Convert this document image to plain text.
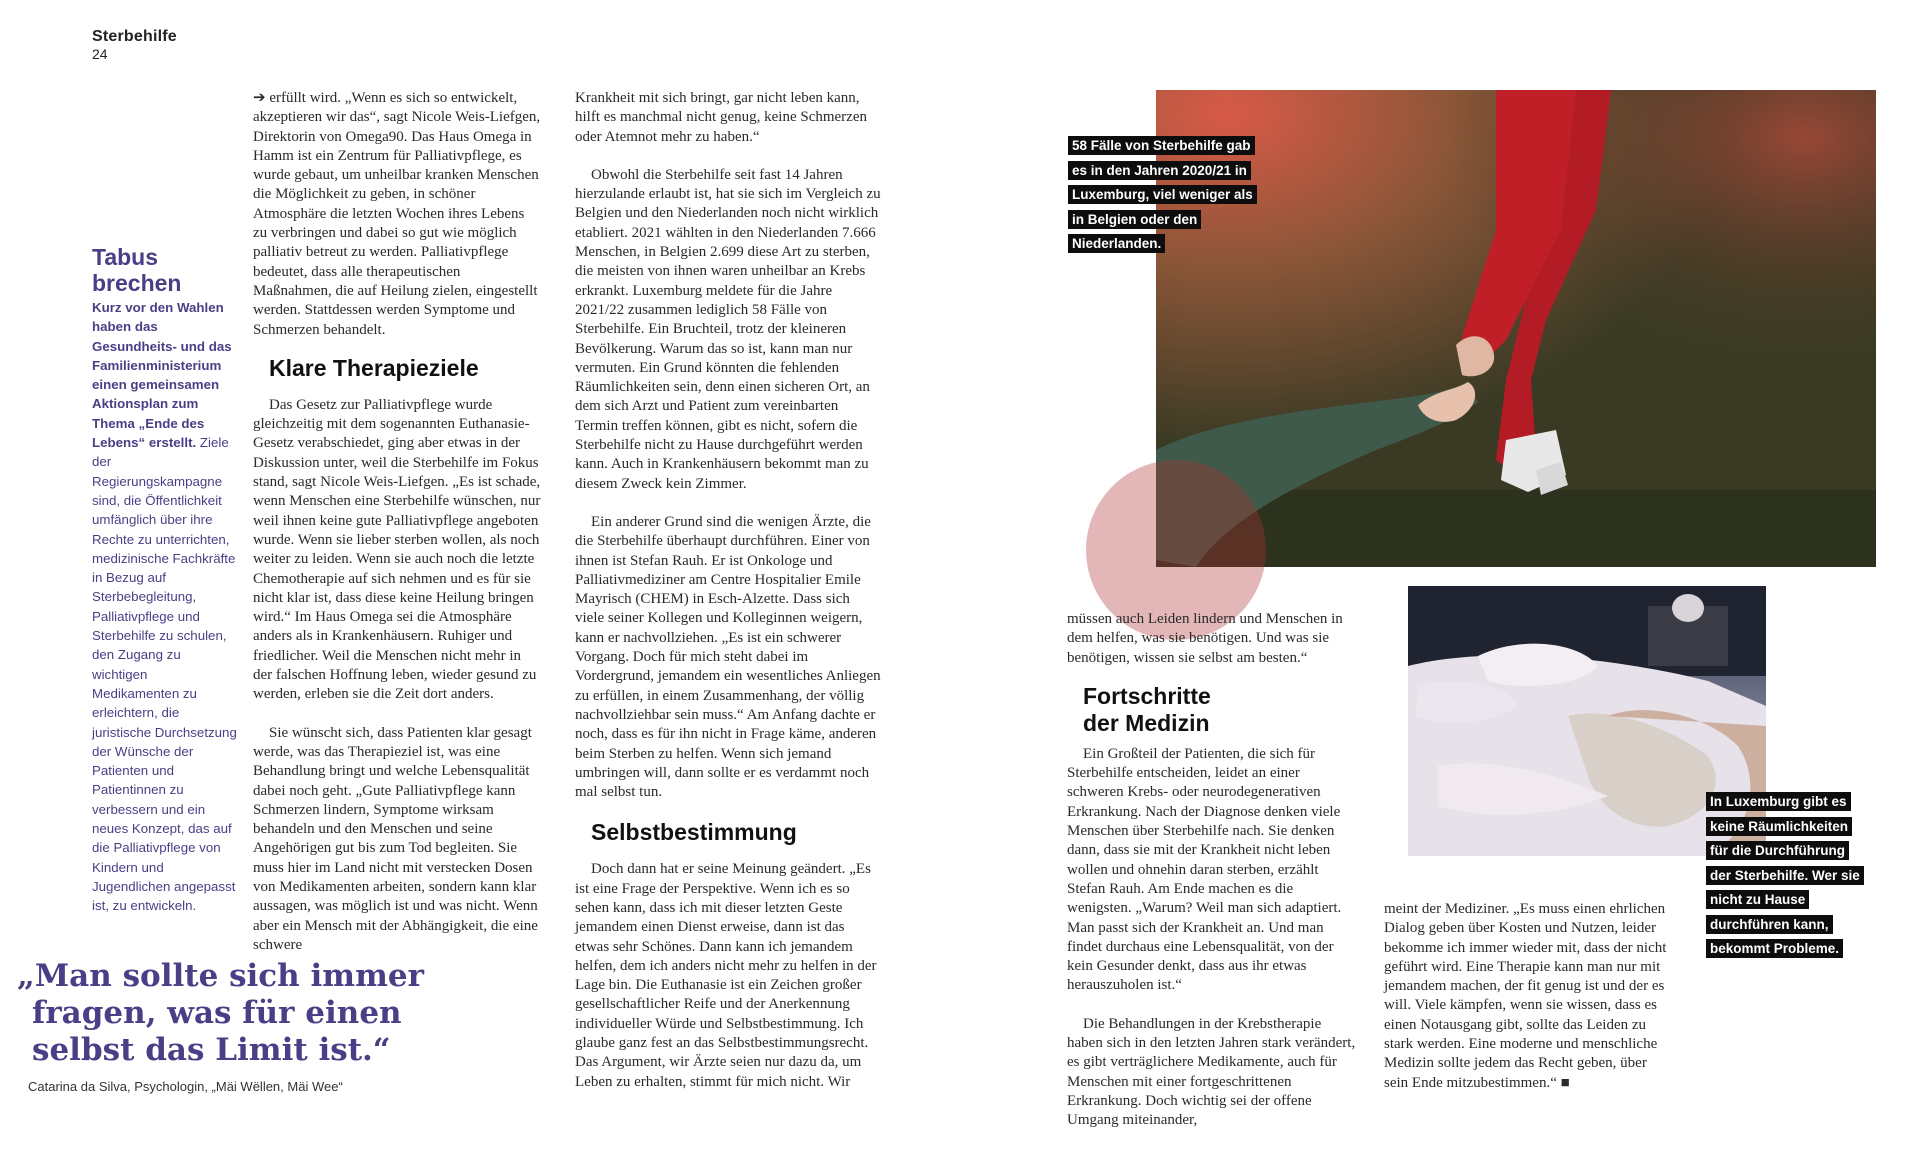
Sterbehilfe
24
Tabus
brechen
Kurz vor den Wahlen haben das Gesundheits- und das Familienministerium einen gemeinsamen Aktionsplan zum Thema „Ende des Lebens“ erstellt. Ziele der Regierungskampagne sind, die Öffentlichkeit umfänglich über ihre Rechte zu unterrichten, medizinische Fachkräfte in Bezug auf Sterbebegleitung, Palliativpflege und Sterbehilfe zu schulen, den Zugang zu wichtigen Medikamenten zu erleichtern, die juristische Durchsetzung der Wünsche der Patienten und Patientinnen zu verbessern und ein neues Konzept, das auf die Palliativpflege von Kindern und Jugendlichen angepasst ist, zu entwickeln.
„Man sollte sich immer fragen, was für einen selbst das Limit ist.“
Catarina da Silva, Psychologin, „Mäi Wëllen, Mäi Wee“

➔ erfüllt wird. „Wenn es sich so entwickelt, akzeptieren wir das“, sagt Nicole Weis-Liefgen, Direktorin von Omega90. Das Haus Omega in Hamm ist ein Zentrum für Palliativpflege, es wurde gebaut, um unheilbar kranken Menschen die Möglichkeit zu geben, in schöner Atmosphäre die letzten Wochen ihres Lebens zu verbringen und dabei so gut wie möglich palliativ betreut zu werden. Palliativpflege bedeutet, dass alle therapeutischen Maßnahmen, die auf Heilung zielen, eingestellt werden. Stattdessen werden Symptome und Schmerzen behandelt.

Klare Therapieziele

Das Gesetz zur Palliativpflege wurde gleichzeitig mit dem sogenannten Euthanasie-Gesetz verabschiedet, ging aber etwas in der Diskussion unter, weil die Sterbehilfe im Fokus stand, sagt Nicole Weis-Liefgen. „Es ist schade, wenn Menschen eine Sterbehilfe wünschen, nur weil ihnen keine gute Palliativpflege angeboten wurde. Wenn sie lieber sterben wollen, als noch weiter zu leiden. Wenn sie auch noch die letzte Chemotherapie auf sich nehmen und es für sie nicht klar ist, dass diese keine Heilung bringen wird.“ Im Haus Omega sei die Atmosphäre anders als in Krankenhäusern. Ruhiger und friedlicher. Weil die Menschen nicht mehr in der falschen Hoffnung leben, wieder gesund zu werden, erleben sie die Zeit dort anders.

Sie wünscht sich, dass Patienten klar gesagt werde, was das Therapieziel ist, was eine Behandlung bringt und welche Lebensqualität dabei noch geht. „Gute Palliativpflege kann Schmerzen lindern, Symptome wirksam behandeln und den Menschen und seine Angehörigen gut bis zum Tod begleiten. Sie muss hier im Land nicht mit verstecken Dosen von Medikamenten arbeiten, sondern kann klar aussagen, was möglich ist und was nicht. Wenn aber ein Mensch mit der Abhängigkeit, die eine schwere

Krankheit mit sich bringt, gar nicht leben kann, hilft es manchmal nicht genug, keine Schmerzen oder Atemnot mehr zu haben.“

Obwohl die Sterbehilfe seit fast 14 Jahren hierzulande erlaubt ist, hat sie sich im Vergleich zu Belgien und den Niederlanden noch nicht wirklich etabliert. 2021 wählten in den Niederlanden 7.666 Menschen, in Belgien 2.699 diese Art zu sterben, die meisten von ihnen waren unheilbar an Krebs erkrankt. Luxemburg meldete für die Jahre 2021/22 zusammen lediglich 58 Fälle von Sterbehilfe. Ein Bruchteil, trotz der kleineren Bevölkerung. Warum das so ist, kann man nur vermuten. Ein Grund könnten die fehlenden Räumlichkeiten sein, denn einen sicheren Ort, an dem sich Arzt und Patient zum vereinbarten Termin treffen können, gibt es nicht, sofern die Sterbehilfe nicht zu Hause durchgeführt werden kann. Auch in Krankenhäusern bekommt man zu diesem Zweck kein Zimmer.

Ein anderer Grund sind die wenigen Ärzte, die die Sterbehilfe überhaupt durchführen. Einer von ihnen ist Stefan Rauh. Er ist Onkologe und Palliativmediziner am Centre Hospitalier Emile Mayrisch (CHEM) in Esch-Alzette. Dass sich viele seiner Kollegen und Kolleginnen weigern, kann er nachvollziehen. „Es ist ein schwerer Vorgang. Doch für mich steht dabei im Vordergrund, jemandem ein wesentliches Anliegen zu erfüllen, in einem Zusammenhang, der völlig nachvollziehbar sein muss.“ Am Anfang dachte er noch, dass es für ihn nicht in Frage käme, anderen beim Sterben zu helfen. Wenn sich jemand umbringen will, dann sollte er es verdammt noch mal selbst tun.

Selbstbestimmung

Doch dann hat er seine Meinung geändert. „Es ist eine Frage der Perspektive. Wenn ich es so sehen kann, dass ich mit dieser letzten Geste jemandem einen Dienst erweise, dann ist das etwas sehr Schönes. Dann kann ich jemandem helfen, dem ich anders nicht mehr zu helfen in der Lage bin. Die Euthanasie ist ein Zeichen großer gesellschaftlicher Reife und der Anerkennung individueller Würde und Selbstbestimmung. Ich glaube ganz fest an das Selbstbestimmungsrecht. Das Argument, wir Ärzte seien nur dazu da, um Leben zu erhalten, stimmt für mich nicht. Wir

58 Fälle von Sterbehilfe gab es in den Jahren 2020/21 in Luxemburg, viel weniger als in Belgien oder den Niederlanden.

müssen auch Leiden lindern und Menschen in dem helfen, was sie benötigen. Und was sie benötigen, wissen sie selbst am besten.“

Fortschritte
der Medizin

Ein Großteil der Patienten, die sich für Sterbehilfe entscheiden, leidet an einer schweren Krebs- oder neurodegenerativen Erkrankung. Nach der Diagnose denken viele Menschen über Sterbehilfe nach. Sie denken dann, dass sie mit der Krankheit nicht leben wollen und ohnehin daran sterben, erzählt Stefan Rauh. Am Ende machen es die wenigsten. „Warum? Weil man sich adaptiert. Man passt sich der Krankheit an. Und man findet durchaus eine Lebensqualität, von der kein Gesunder denkt, dass aus ihr etwas herauszuholen ist.“

Die Behandlungen in der Krebstherapie haben sich in den letzten Jahren stark verändert, es gibt verträglichere Medikamente, auch für Menschen mit einer fortgeschrittenen Erkrankung. Doch wichtig sei der offene Umgang miteinander,

In Luxemburg gibt es keine Räumlichkeiten für die Durchführung der Sterbehilfe. Wer sie nicht zu Hause durchführen kann, bekommt Probleme.

meint der Mediziner. „Es muss einen ehrlichen Dialog geben über Kosten und Nutzen, leider bekomme ich immer wieder mit, dass der nicht geführt wird. Eine Therapie kann man nur mit jemandem machen, der fit genug ist und der es will. Viele kämpfen, wenn sie wissen, dass es einen Notausgang gibt, sollte das Leiden zu stark werden. Eine moderne und menschliche Medizin sollte jedem das Recht geben, über sein Ende mitzubestimmen.“ ■
